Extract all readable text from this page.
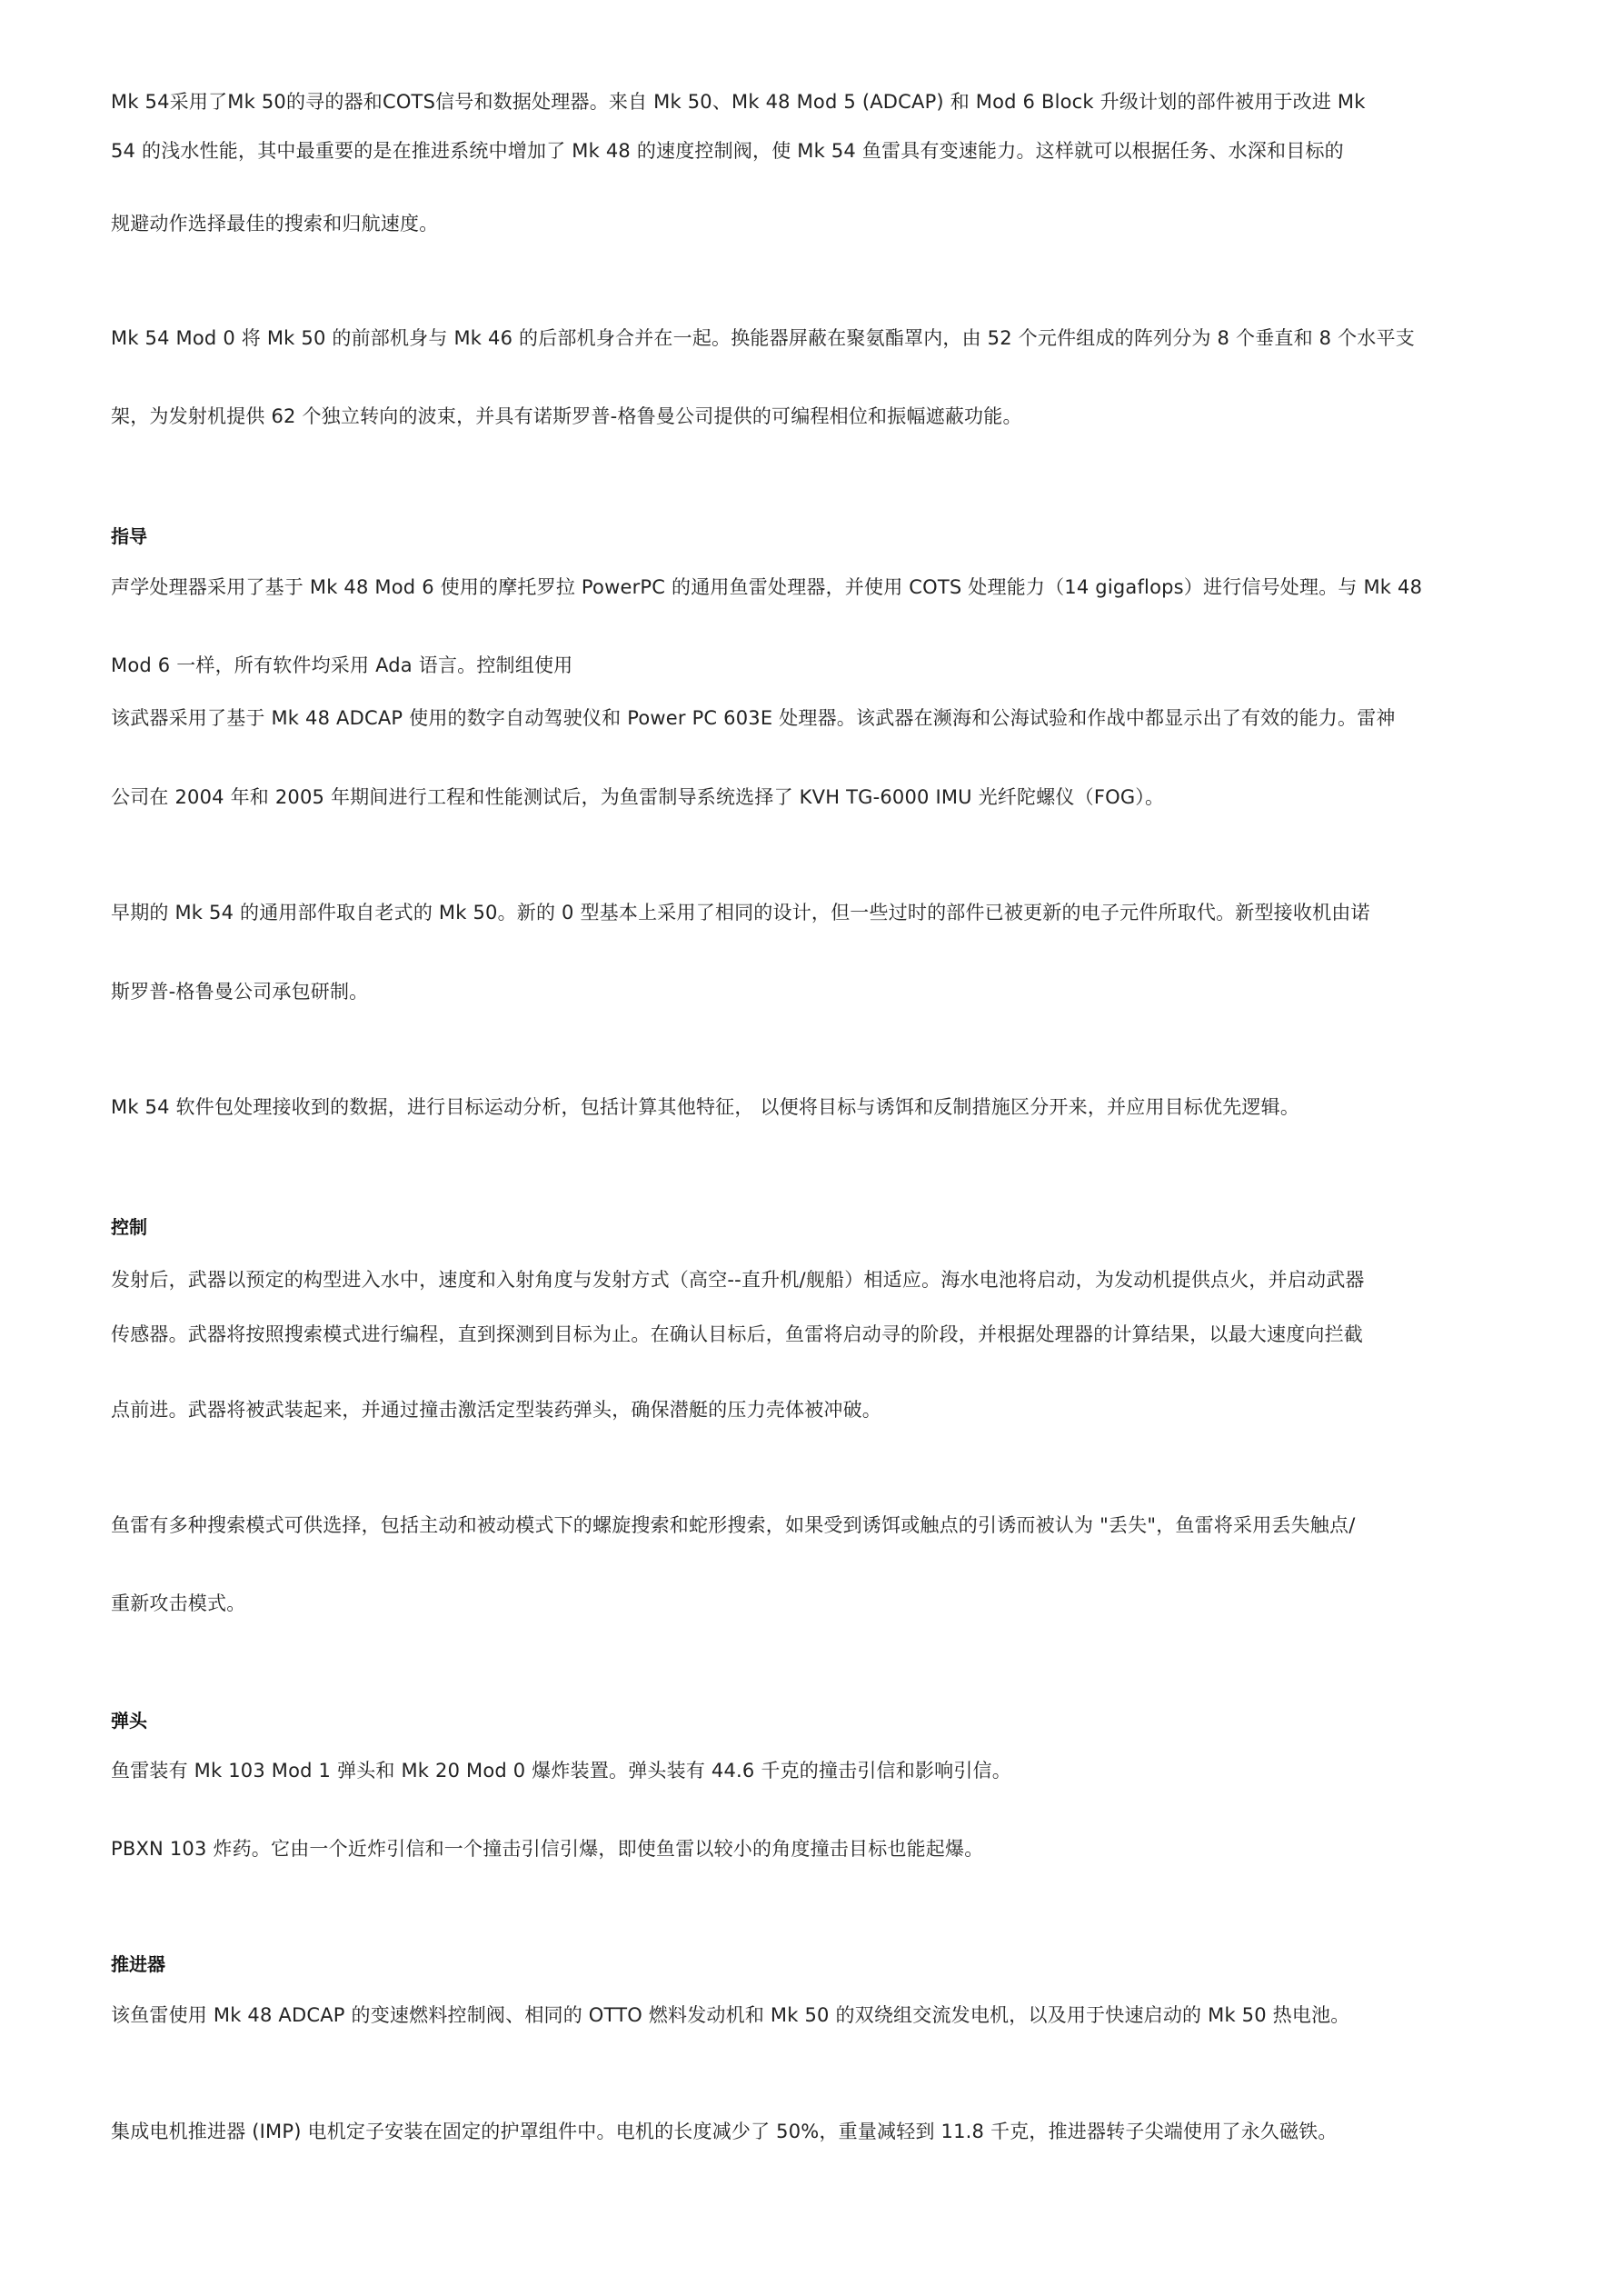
Mk 54采用了Mk 50的寻的器和COTS信号和数据处理器。来自 Mk 50、Mk 48 Mod 5 (ADCAP) 和 Mod 6 Block 升级计划的部件被用于改进 Mk
54 的浅水性能，其中最重要的是在推进系统中增加了 Mk 48 的速度控制阀，使 Mk 54 鱼雷具有变速能力。这样就可以根据任务、水深和目标的
规避动作选择最佳的搜索和归航速度。
Mk 54 Mod 0 将 Mk 50 的前部机身与 Mk 46 的后部机身合并在一起。换能器屏蔽在聚氨酯罩内，由 52 个元件组成的阵列分为 8 个垂直和 8 个水平支
架，为发射机提供 62 个独立转向的波束，并具有诺斯罗普-格鲁曼公司提供的可编程相位和振幅遮蔽功能。
指导
声学处理器采用了基于 Mk 48 Mod 6 使用的摩托罗拉 PowerPC 的通用鱼雷处理器，并使用 COTS 处理能力（14 gigaflops）进行信号处理。与 Mk 48
Mod 6 一样，所有软件均采用 Ada 语言。控制组使用
该武器采用了基于 Mk 48 ADCAP 使用的数字自动驾驶仪和 Power PC 603E 处理器。该武器在濒海和公海试验和作战中都显示出了有效的能力。雷神
公司在 2004 年和 2005 年期间进行工程和性能测试后，为鱼雷制导系统选择了 KVH TG-6000 IMU 光纤陀螺仪（FOG）。
早期的 Mk 54 的通用部件取自老式的 Mk 50。新的 0 型基本上采用了相同的设计，但一些过时的部件已被更新的电子元件所取代。新型接收机由诺
斯罗普-格鲁曼公司承包研制。
Mk 54 软件包处理接收到的数据，进行目标运动分析，包括计算其他特征， 以便将目标与诱饵和反制措施区分开来，并应用目标优先逻辑。
控制
发射后，武器以预定的构型进入水中，速度和入射角度与发射方式（高空--直升机/舰船）相适应。海水电池将启动，为发动机提供点火，并启动武器
传感器。武器将按照搜索模式进行编程，直到探测到目标为止。在确认目标后，鱼雷将启动寻的阶段，并根据处理器的计算结果，以最大速度向拦截
点前进。武器将被武装起来，并通过撞击激活定型装药弹头，确保潜艇的压力壳体被冲破。
鱼雷有多种搜索模式可供选择，包括主动和被动模式下的螺旋搜索和蛇形搜索，如果受到诱饵或触点的引诱而被认为 "丢失"，鱼雷将采用丢失触点/
重新攻击模式。
弹头
鱼雷装有 Mk 103 Mod 1 弹头和 Mk 20 Mod 0 爆炸装置。弹头装有 44.6 千克的撞击引信和影响引信。
PBXN 103 炸药。它由一个近炸引信和一个撞击引信引爆，即使鱼雷以较小的角度撞击目标也能起爆。
推进器
该鱼雷使用 Mk 48 ADCAP 的变速燃料控制阀、相同的 OTTO 燃料发动机和 Mk 50 的双绕组交流发电机，以及用于快速启动的 Mk 50 热电池。
集成电机推进器 (IMP) 电机定子安装在固定的护罩组件中。电机的长度减少了 50%，重量减轻到 11.8 千克，推进器转子尖端使用了永久磁铁。
